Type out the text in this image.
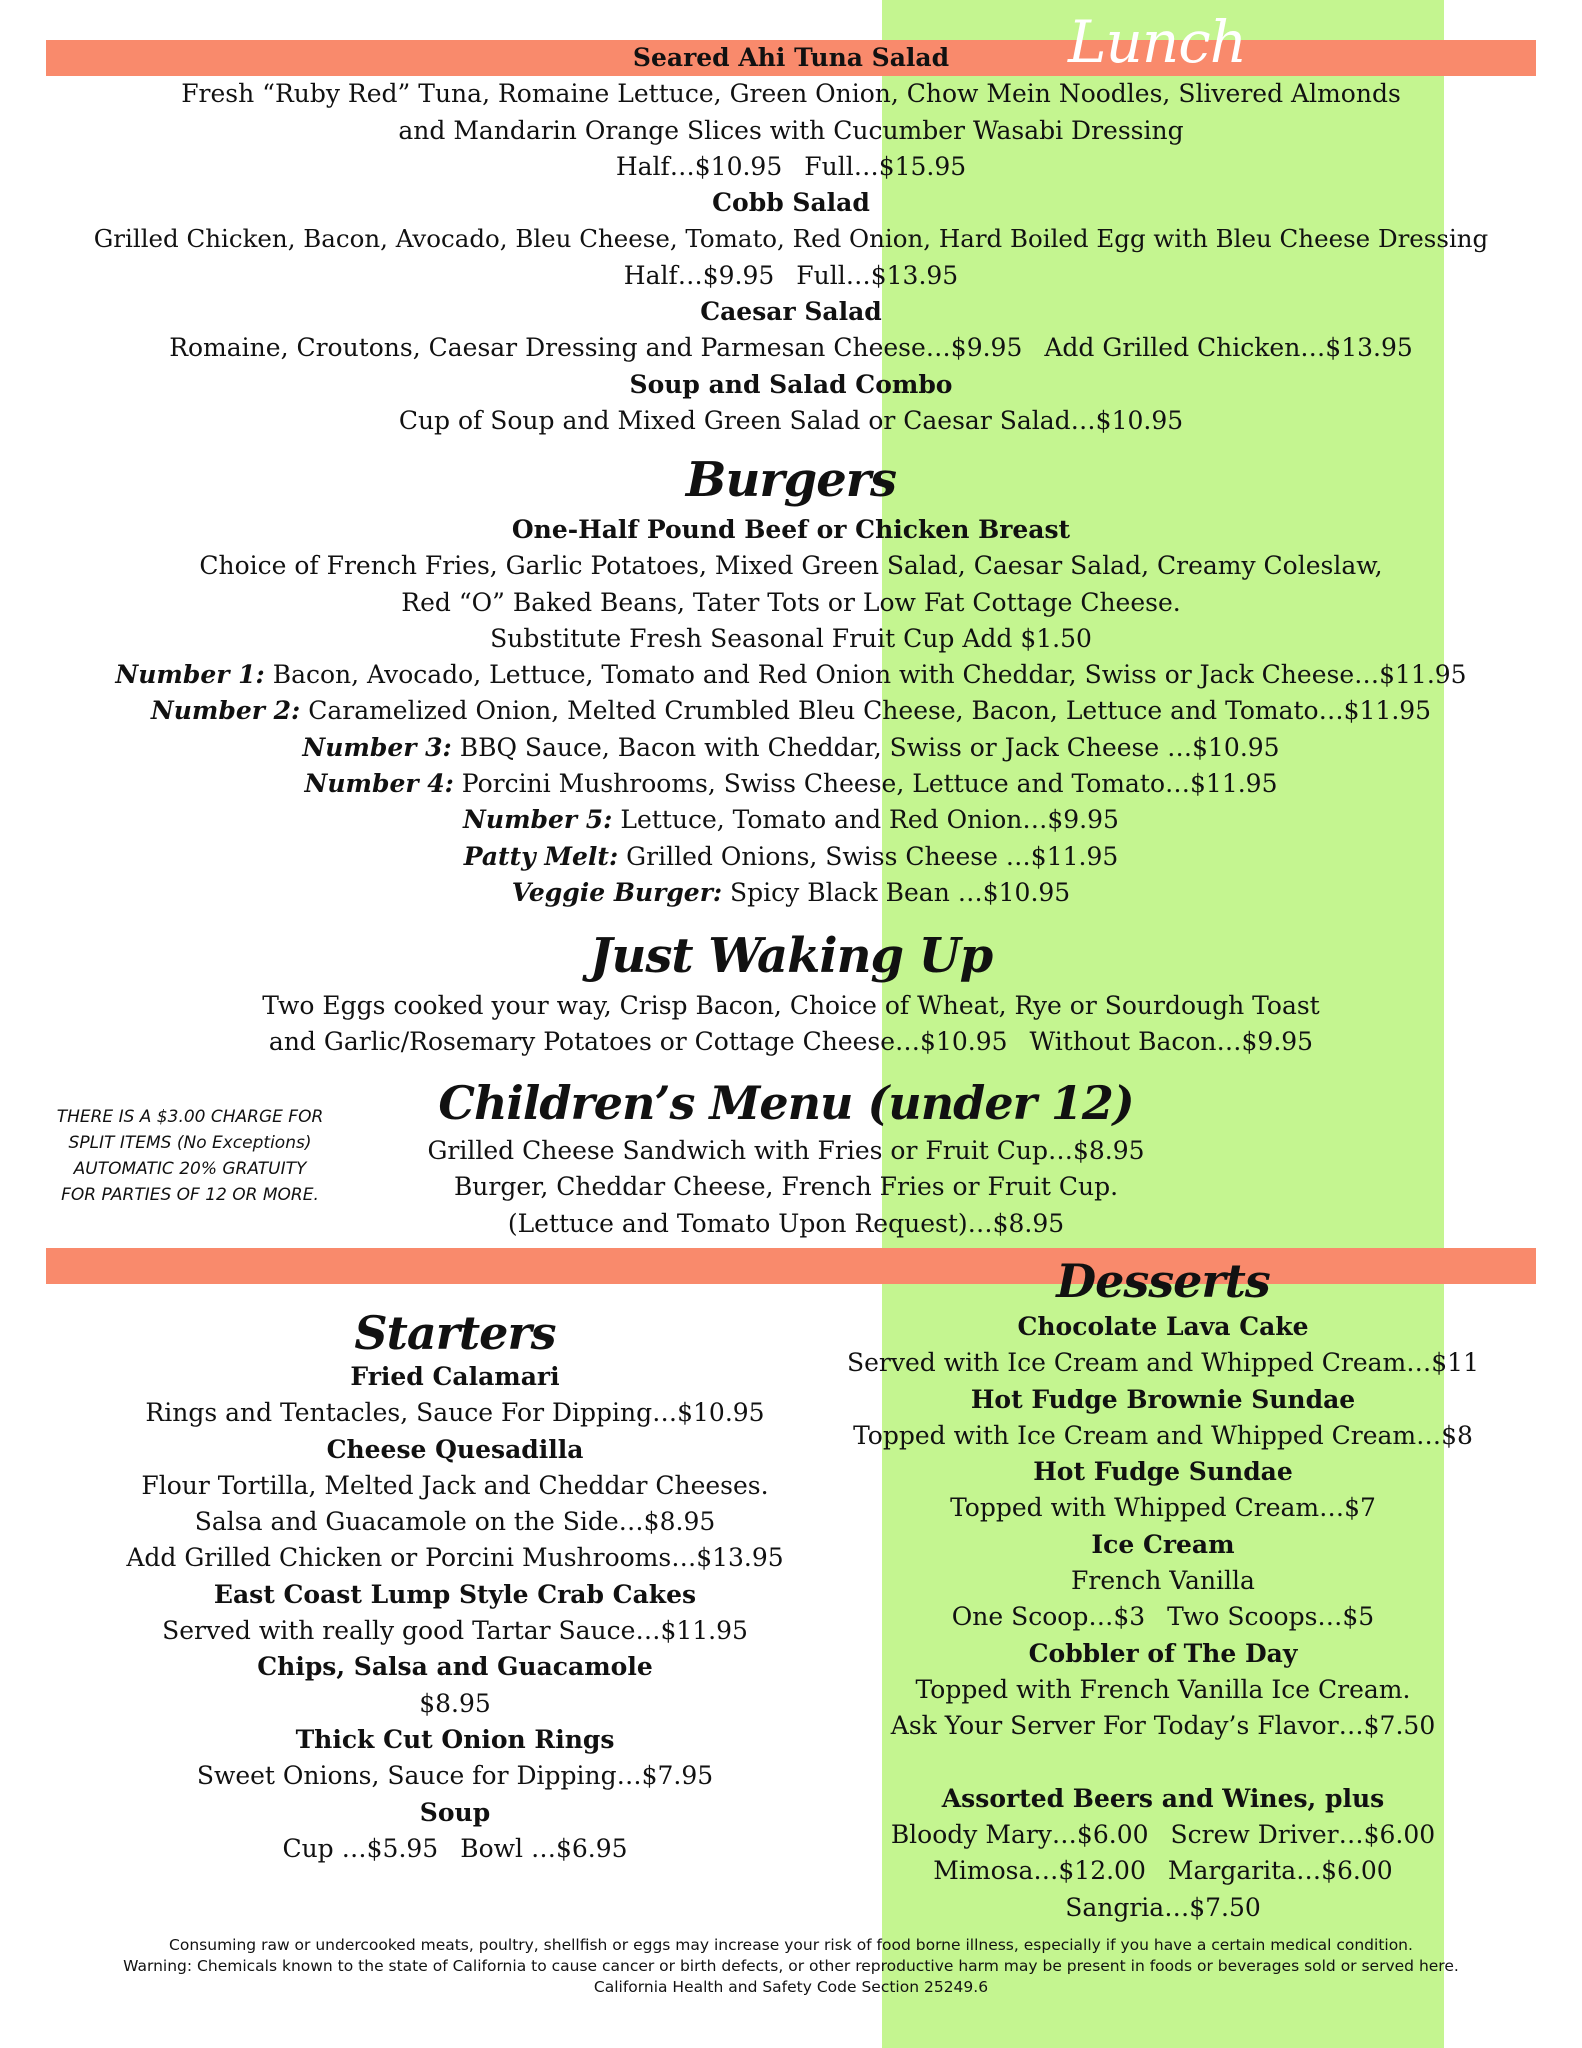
Lunch
Seared Ahi Tuna Salad
Fresh “Ruby Red” Tuna, Romaine Lettuce, Green Onion, Chow Mein Noodles, Slivered Almonds
and Mandarin Orange Slices with Cucumber Wasabi Dressing
Half…$10.95 Full…$15.95
Cobb Salad
Grilled Chicken, Bacon, Avocado, Bleu Cheese, Tomato, Red Onion, Hard Boiled Egg with Bleu Cheese Dressing
Half…$9.95 Full…$13.95
Caesar Salad
Romaine, Croutons, Caesar Dressing and Parmesan Cheese…$9.95 Add Grilled Chicken…$13.95
Soup and Salad Combo
Cup of Soup and Mixed Green Salad or Caesar Salad…$10.95
Burgers
One-Half Pound Beef or Chicken Breast
Choice of French Fries, Garlic Potatoes, Mixed Green Salad, Caesar Salad, Creamy Coleslaw,
Red “O” Baked Beans, Tater Tots or Low Fat Cottage Cheese.
Substitute Fresh Seasonal Fruit Cup Add $1.50
Number 1: Bacon, Avocado, Lettuce, Tomato and Red Onion with Cheddar, Swiss or Jack Cheese…$11.95
Number 2: Caramelized Onion, Melted Crumbled Bleu Cheese, Bacon, Lettuce and Tomato…$11.95
Number 3: BBQ Sauce, Bacon with Cheddar, Swiss or Jack Cheese …$10.95
Number 4: Porcini Mushrooms, Swiss Cheese, Lettuce and Tomato…$11.95
Number 5: Lettuce, Tomato and Red Onion…$9.95
Patty Melt: Grilled Onions, Swiss Cheese …$11.95
Veggie Burger: Spicy Black Bean …$10.95
Just Waking Up
Two Eggs cooked your way, Crisp Bacon, Choice of Wheat, Rye or Sourdough Toast
and Garlic/Rosemary Potatoes or Cottage Cheese…$10.95 Without Bacon…$9.95
THERE IS A $3.00 CHARGE FOR
SPLIT ITEMS (No Exceptions)
AUTOMATIC 20% GRATUITY
FOR PARTIES OF 12 OR MORE.
Children’s Menu (under 12)
Grilled Cheese Sandwich with Fries or Fruit Cup…$8.95
Burger, Cheddar Cheese, French Fries or Fruit Cup.
(Lettuce and Tomato Upon Request)…$8.95
Starters
Fried Calamari
Rings and Tentacles, Sauce For Dipping…$10.95
Cheese Quesadilla
Flour Tortilla, Melted Jack and Cheddar Cheeses.
Salsa and Guacamole on the Side…$8.95
Add Grilled Chicken or Porcini Mushrooms…$13.95
East Coast Lump Style Crab Cakes
Served with really good Tartar Sauce…$11.95
Chips, Salsa and Guacamole
$8.95
Thick Cut Onion Rings
Sweet Onions, Sauce for Dipping…$7.95
Soup
Cup …$5.95 Bowl …$6.95
Desserts
Chocolate Lava Cake
Served with Ice Cream and Whipped Cream…$11
Hot Fudge Brownie Sundae
Topped with Ice Cream and Whipped Cream…$8
Hot Fudge Sundae
Topped with Whipped Cream…$7
Ice Cream
French Vanilla
One Scoop…$3 Two Scoops…$5
Cobbler of The Day
Topped with French Vanilla Ice Cream.
Ask Your Server For Today’s Flavor…$7.50

Assorted Beers and Wines, plus
Bloody Mary…$6.00 Screw Driver…$6.00
Mimosa…$12.00 Margarita…$6.00
Sangria…$7.50
Consuming raw or undercooked meats, poultry, shellfish or eggs may increase your risk of food borne illness, especially if you have a certain medical condition.
Warning: Chemicals known to the state of California to cause cancer or birth defects, or other reproductive harm may be present in foods or beverages sold or served here.
California Health and Safety Code Section 25249.6
